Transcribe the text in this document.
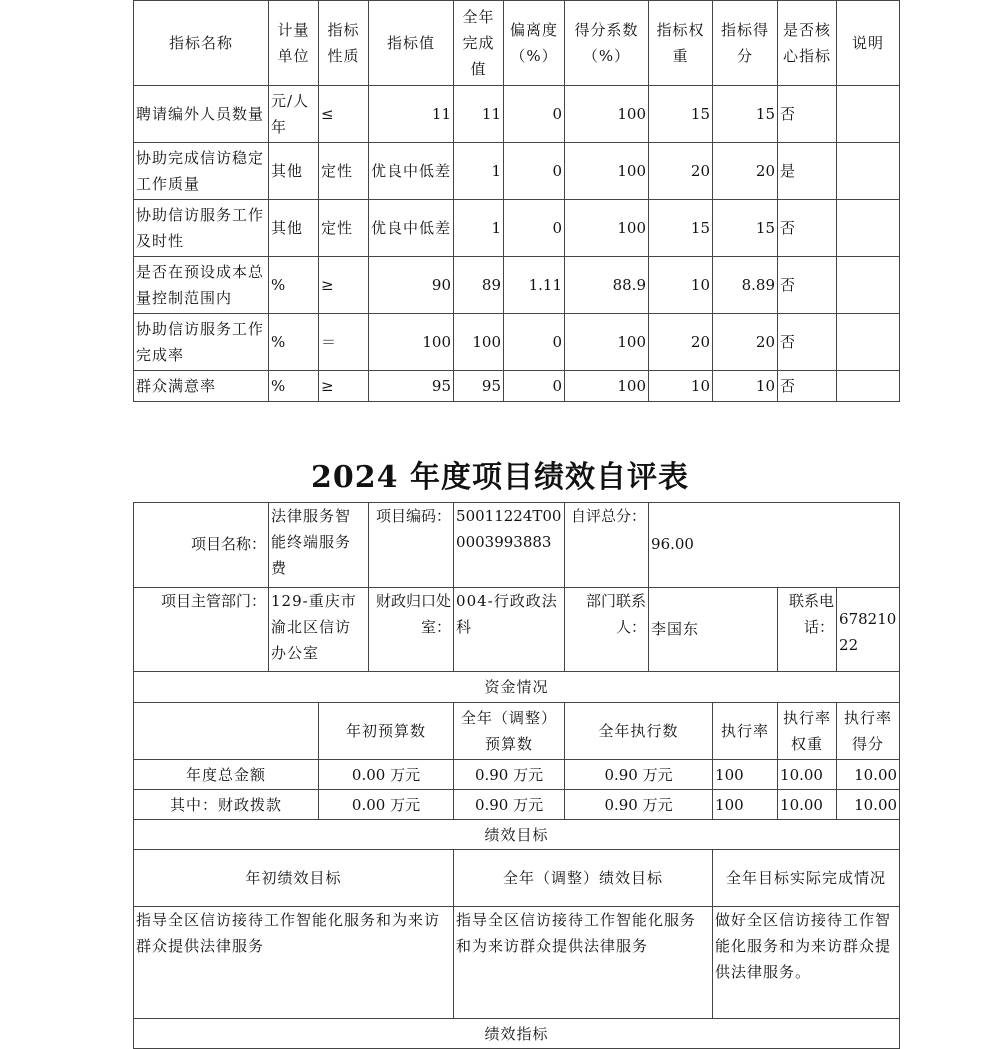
指标名称	计量单位	指标性质	指标值	全年完成值	偏离度（%）	得分系数（%）	指标权重	指标得分	是否核心指标	说明
聘请编外人员数量	元/人年	≤	11	11	0	100	15	15	否	
协助完成信访稳定工作质量	其他	定性	优良中低差	1	0	100	20	20	是	
协助信访服务工作及时性	其他	定性	优良中低差	1	0	100	15	15	否	
是否在预设成本总量控制范围内	%	≥	90	89	1.11	88.9	10	8.89	否	
协助信访服务工作完成率	%	＝	100	100	0	100	20	20	否	
群众满意率	%	≥	95	95	0	100	10	10	否	
2024 年度项目绩效自评表
项目名称：	法律服务智能终端服务费		项目编码：	50011224T000003993883	自评总分：	96.00			
项目主管部门：	129-重庆市渝北区信访办公室		财政归口处室：	004-行政政法科	部门联系人：	李国东		联系电话：	67821022
资金情况									
		年初预算数		全年（调整）预算数	全年执行数		执行率	执行率权重	执行率得分
年度总金额		0.00 万元		0.90 万元	0.90 万元		100	10.00	10.00
其中：财政拨款		0.00 万元		0.90 万元	0.90 万元		100	10.00	10.00
绩效目标									
年初绩效目标				全年（调整）绩效目标			全年目标实际完成情况		
指导全区信访接待工作智能化服务和为来访群众提供法律服务				指导全区信访接待工作智能化服务和为来访群众提供法律服务			做好全区信访接待工作智能化服务和为来访群众提供法律服务。		
绩效指标									
